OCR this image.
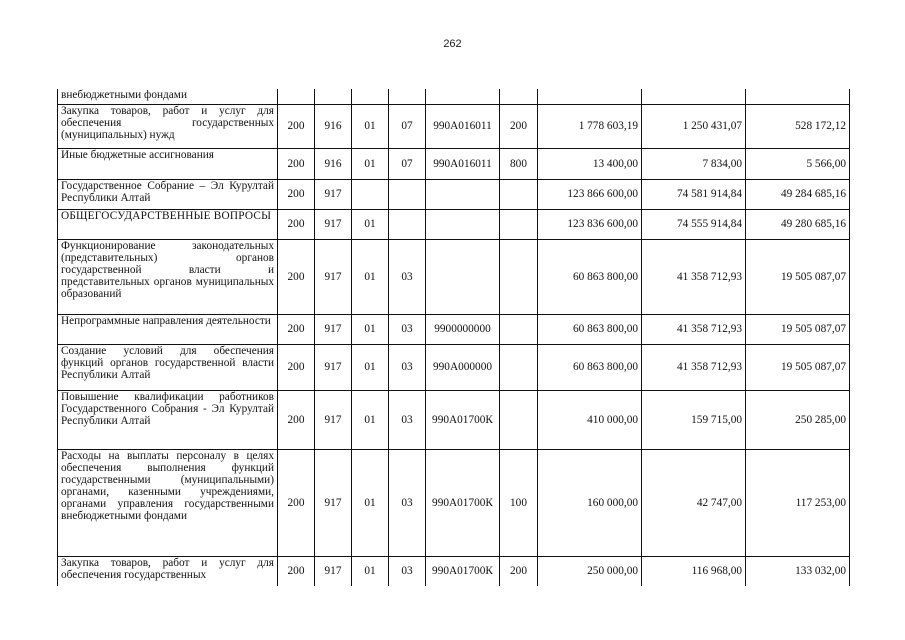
262
внебюджетными фондами									
Закупка товаров, работ и услуг для обеспечения государственных (муниципальных) нужд	200	916	01	07	990А016011	200	1 778 603,19	1 250 431,07	528 172,12
Иные бюджетные ассигнования	200	916	01	07	990А016011	800	13 400,00	7 834,00	5 566,00
Государственное Собрание – Эл Курултай Республики Алтай	200	917					123 866 600,00	74 581 914,84	49 284 685,16
ОБЩЕГОСУДАРСТВЕННЫЕ ВОПРОСЫ	200	917	01				123 836 600,00	74 555 914,84	49 280 685,16
Функционирование законодательных (представительных) органов государственной власти и представительных органов муниципальных образований	200	917	01	03			60 863 800,00	41 358 712,93	19 505 087,07
Непрограммные направления деятельности	200	917	01	03	9900000000		60 863 800,00	41 358 712,93	19 505 087,07
Создание условий для обеспечения функций органов государственной власти Республики Алтай	200	917	01	03	990А000000		60 863 800,00	41 358 712,93	19 505 087,07
Повышение квалификации работников Государственного Собрания - Эл Курултай Республики Алтай	200	917	01	03	990А01700К		410 000,00	159 715,00	250 285,00
Расходы на выплаты персоналу в целях обеспечения выполнения функций государственными (муниципальными) органами, казенными учреждениями, органами управления государственными внебюджетными фондами	200	917	01	03	990А01700К	100	160 000,00	42 747,00	117 253,00
Закупка товаров, работ и услуг для обеспечения государственных	200	917	01	03	990А01700К	200	250 000,00	116 968,00	133 032,00
